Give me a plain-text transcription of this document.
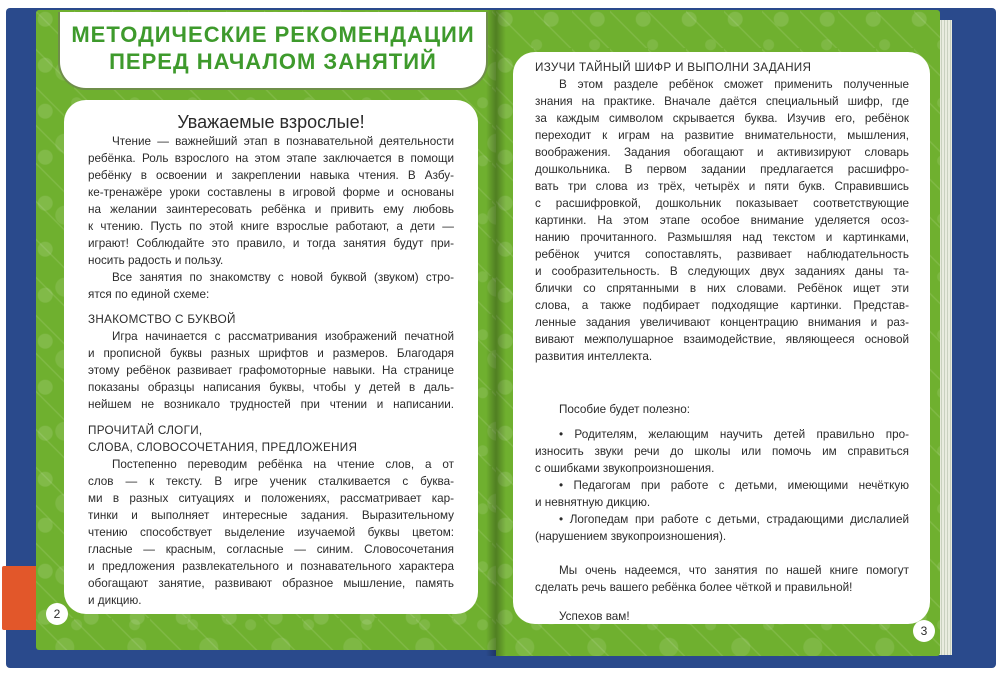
МЕТОДИЧЕСКИЕ РЕКОМЕНДАЦИИ
ПЕРЕД НАЧАЛОМ ЗАНЯТИЙ
Уважаемые взрослые!
Чтение — важнейший этап в познавательной деятельности
ребёнка. Роль взрослого на этом этапе заключается в помощи
ребёнку в освоении и закреплении навыка чтения. В Азбу-
ке-тренажёре уроки составлены в игровой форме и основаны
на желании заинтересовать ребёнка и привить ему любовь
к чтению. Пусть по этой книге взрослые работают, а дети —
играют! Соблюдайте это правило, и тогда занятия будут при-
носить радость и пользу.
Все занятия по знакомству с новой буквой (звуком) стро-
ятся по единой схеме:
ЗНАКОМСТВО С БУКВОЙ
Игра начинается с рассматривания изображений печатной
и прописной буквы разных шрифтов и размеров. Благодаря
этому ребёнок развивает графомоторные навыки. На странице
показаны образцы написания буквы, чтобы у детей в даль-
нейшем не возникало трудностей при чтении и написании.
ПРОЧИТАЙ СЛОГИ,
СЛОВА, СЛОВОСОЧЕТАНИЯ, ПРЕДЛОЖЕНИЯ
Постепенно переводим ребёнка на чтение слов, а от
слов — к тексту. В игре ученик сталкивается с буква-
ми в разных ситуациях и положениях, рассматривает кар-
тинки и выполняет интересные задания. Выразительному
чтению способствует выделение изучаемой буквы цветом:
гласные — красным, согласные — синим. Словосочетания
и предложения развлекательного и познавательного характера
обогащают занятие, развивают образное мышление, память
и дикцию.
2
ИЗУЧИ ТАЙНЫЙ ШИФР И ВЫПОЛНИ ЗАДАНИЯ
В этом разделе ребёнок сможет применить полученные
знания на практике. Вначале даётся специальный шифр, где
за каждым символом скрывается буква. Изучив его, ребёнок
переходит к играм на развитие внимательности, мышления,
воображения. Задания обогащают и активизируют словарь
дошкольника. В первом задании предлагается расшифро-
вать три слова из трёх, четырёх и пяти букв. Справившись
с расшифровкой, дошкольник показывает соответствующие
картинки. На этом этапе особое внимание уделяется осоз-
нанию прочитанного. Размышляя над текстом и картинками,
ребёнок учится сопоставлять, развивает наблюдательность
и сообразительность. В следующих двух заданиях даны та-
блички со спрятанными в них словами. Ребёнок ищет эти
слова, а также подбирает подходящие картинки. Представ-
ленные задания увеличивают концентрацию внимания и раз-
вивают межполушарное взаимодействие, являющееся основой
развития интеллекта.
Пособие будет полезно:
• Родителям, желающим научить детей правильно про-
износить звуки речи до школы или помочь им справиться
с ошибками звукопроизношения.
• Педагогам при работе с детьми, имеющими нечёткую
и невнятную дикцию.
• Логопедам при работе с детьми, страдающими дислалией
(нарушением звукопроизношения).
Мы очень надеемся, что занятия по нашей книге помогут
сделать речь вашего ребёнка более чёткой и правильной!
Успехов вам!
3
